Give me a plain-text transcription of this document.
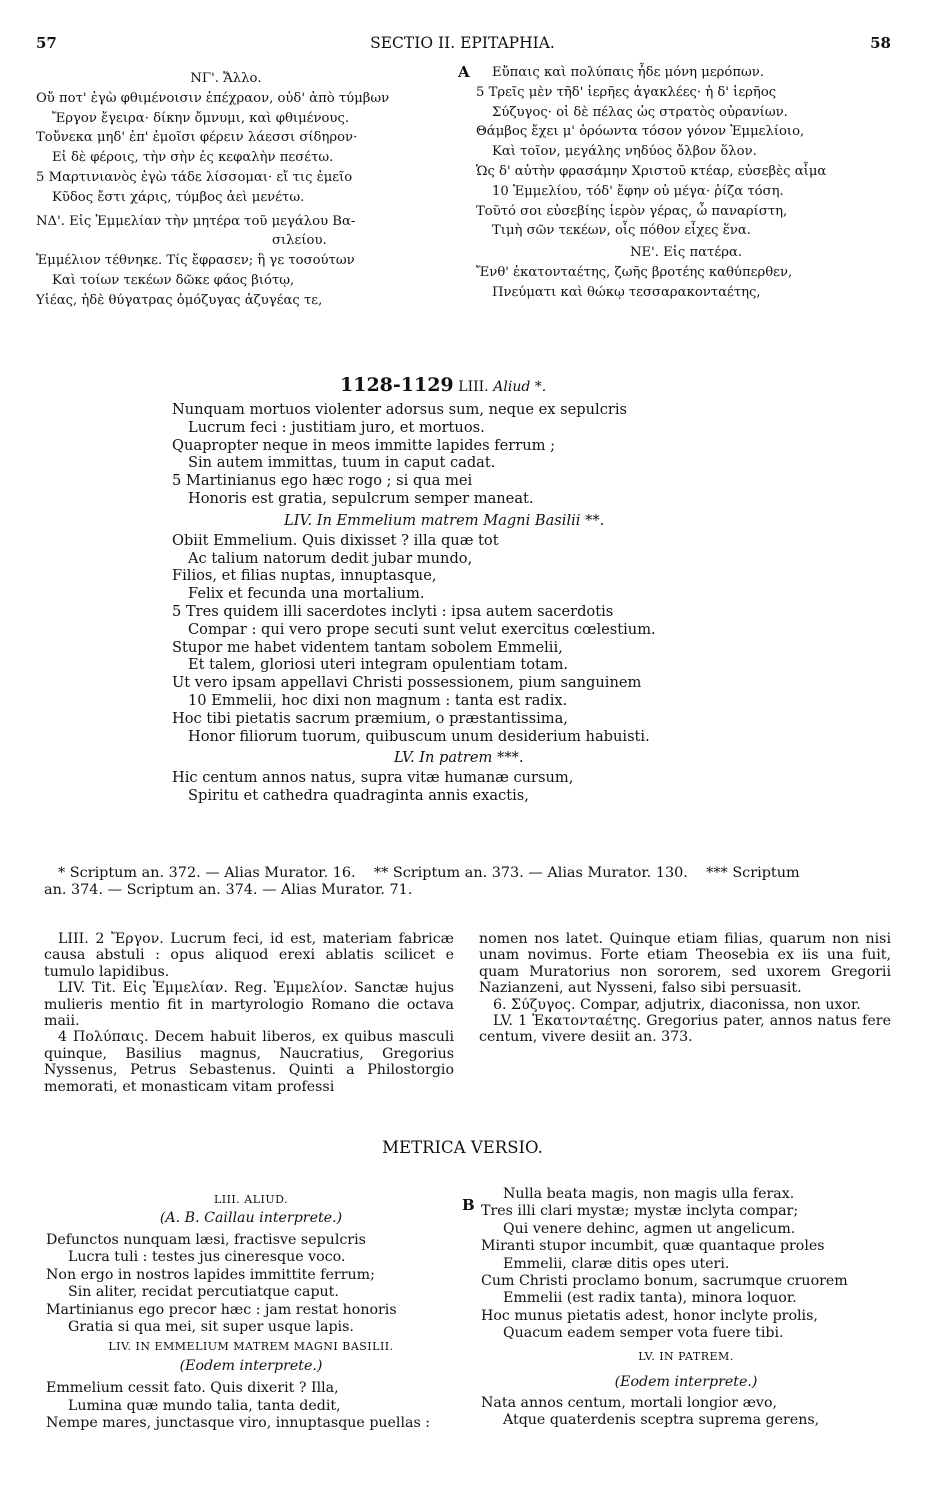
57	SECTIO II. EPITAPHIA.	58
ΝΓ'. Ἄλλο.
Οὔ ποτ' ἐγὼ φθιμένοισιν ἐπέχραον, οὐδ' ἀπὸ τύμβων
Ἔργον ἔγειρα· δίκην ὄμνυμι, καὶ φθιμένους.
Τοὔνεκα μηδ' ἐπ' ἐμοῖσι φέρειν λάεσσι σίδηρον·
Εἰ δὲ φέροις, τὴν σὴν ἐς κεφαλὴν πεσέτω.
5 Μαρτινιανὸς ἐγὼ τάδε λίσσομαι· εἴ τις ἐμεῖο
Κῦδος ἔστι χάρις, τύμβος ἀεὶ μενέτω.
ΝΔ'. Εἰς Ἐμμελίαν τὴν μητέρα τοῦ μεγάλου Βα-
σιλείου.
Ἐμμέλιον τέθνηκε. Τίς ἔφρασεν; ἣ γε τοσούτων
Καὶ τοίων τεκέων δῶκε φάος βιότῳ,
Υἱέας, ἠδὲ θύγατρας ὁμόζυγας ἀζυγέας τε,
A	Εὔπαις καὶ πολύπαις ἦδε μόνη μερόπων.
5 Τρεῖς μὲν τῆδ' ἱερῆες ἀγακλέες· ἡ δ' ἱερῆος
Σύζυγος· οἱ δὲ πέλας ὡς στρατὸς οὐρανίων.
Θάμβος ἔχει μ' ὁρόωντα τόσον γόνον Ἐμμελίοιο,
Καὶ τοῖον, μεγάλης νηδύος ὄλβον ὅλον.
Ὡς δ' αὐτὴν φρασάμην Χριστοῦ κτέαρ, εὐσεβὲς αἷμα
10 Ἐμμελίου, τόδ' ἔφην οὐ μέγα· ῥίζα τόση.
Τοῦτό σοι εὐσεβίης ἱερὸν γέρας, ὦ παναρίστη,
Τιμὴ σῶν τεκέων, οἷς πόθον εἶχες ἕνα.
ΝΕ'. Εἰς πατέρα.
Ἔνθ' ἑκατονταέτης, ζωῆς βροτέης καθύπερθεν,
Πνεύματι καὶ θώκῳ τεσσαρακονταέτης,
1128-1129 LIII. Aliud *.
Nunquam mortuos violenter adorsus sum, neque ex sepulcris
Lucrum feci : justitiam juro, et mortuos.
Quapropter neque in meos immitte lapides ferrum ;
Sin autem immittas, tuum in caput cadat.
5 Martinianus ego hæc rogo ; si qua mei
Honoris est gratia, sepulcrum semper maneat.
LIV. In Emmelium matrem Magni Basilii **.
Obiit Emmelium. Quis dixisset ? illa quæ tot
Ac talium natorum dedit jubar mundo,
Filios, et filias nuptas, innuptasque,
Felix et fecunda una mortalium.
5 Tres quidem illi sacerdotes inclyti : ipsa autem sacerdotis
Compar : qui vero prope secuti sunt velut exercitus cœlestium.
Stupor me habet videntem tantam sobolem Emmelii,
Et talem, gloriosi uteri integram opulentiam totam.
Ut vero ipsam appellavi Christi possessionem, pium sanguinem
10 Emmelii, hoc dixi non magnum : tanta est radix.
Hoc tibi pietatis sacrum præmium, o præstantissima,
Honor filiorum tuorum, quibuscum unum desiderium habuisti.
LV. In patrem ***.
Hic centum annos natus, supra vitæ humanæ cursum,
Spiritu et cathedra quadraginta annis exactis,
* Scriptum an. 372. — Alias Murator. 16.    ** Scriptum an. 373. — Alias Murator. 130.    *** Scriptum
an. 374. — Scriptum an. 374. — Alias Murator. 71.

LIII. 2 Ἔργον. Lucrum feci, id est, materiam fabricæ causa abstuli : opus aliquod erexi ablatis scilicet e tumulo lapidibus.

LIV. Tit. Εἰς Ἐμμελίαν. Reg. Ἐμμελίον. Sanctæ hujus mulieris mentio fit in martyrologio Romano die octava maii.

4 Πολύπαις. Decem habuit liberos, ex quibus masculi quinque, Basilius magnus, Naucratius, Gregorius Nyssenus, Petrus Sebastenus. Quinti a Philostorgio memorati, et monasticam vitam professi

nomen nos latet. Quinque etiam filias, quarum non nisi unam novimus. Forte etiam Theosebia ex iis una fuit, quam Muratorius non sororem, sed uxorem Gregorii Nazianzeni, aut Nysseni, falso sibi persuasit.

6. Σύζυγος. Compar, adjutrix, diaconissa, non uxor.

LV. 1 Ἑκατονταέτης. Gregorius pater, annos natus fere centum, vivere desiit an. 373.

METRICA VERSIO.
LIII. ALIUD.
(A. B. Caillau interprete.)
Defunctos nunquam læsi, fractisve sepulcris
Lucra tuli : testes jus cineresque voco.
Non ergo in nostros lapides immittite ferrum;
Sin aliter, recidat percutiatque caput.
Martinianus ego precor hæc : jam restat honoris
Gratia si qua mei, sit super usque lapis.
LIV. IN EMMELIUM MATREM MAGNI BASILII.
(Eodem interprete.)
Emmelium cessit fato. Quis dixerit ? Illa,
Lumina quæ mundo talia, tanta dedit,
Nempe mares, junctasque viro, innuptasque puellas :
B
Nulla beata magis, non magis ulla ferax.
Tres illi clari mystæ; mystæ inclyta compar;
Qui venere dehinc, agmen ut angelicum.
Miranti stupor incumbit, quæ quantaque proles
Emmelii, claræ ditis opes uteri.
Cum Christi proclamo bonum, sacrumque cruorem
Emmelii (est radix tanta), minora loquor.
Hoc munus pietatis adest, honor inclyte prolis,
Quacum eadem semper vota fuere tibi.
LV. IN PATREM.
(Eodem interprete.)
Nata annos centum, mortali longior ævo,
Atque quaterdenis sceptra suprema gerens,
